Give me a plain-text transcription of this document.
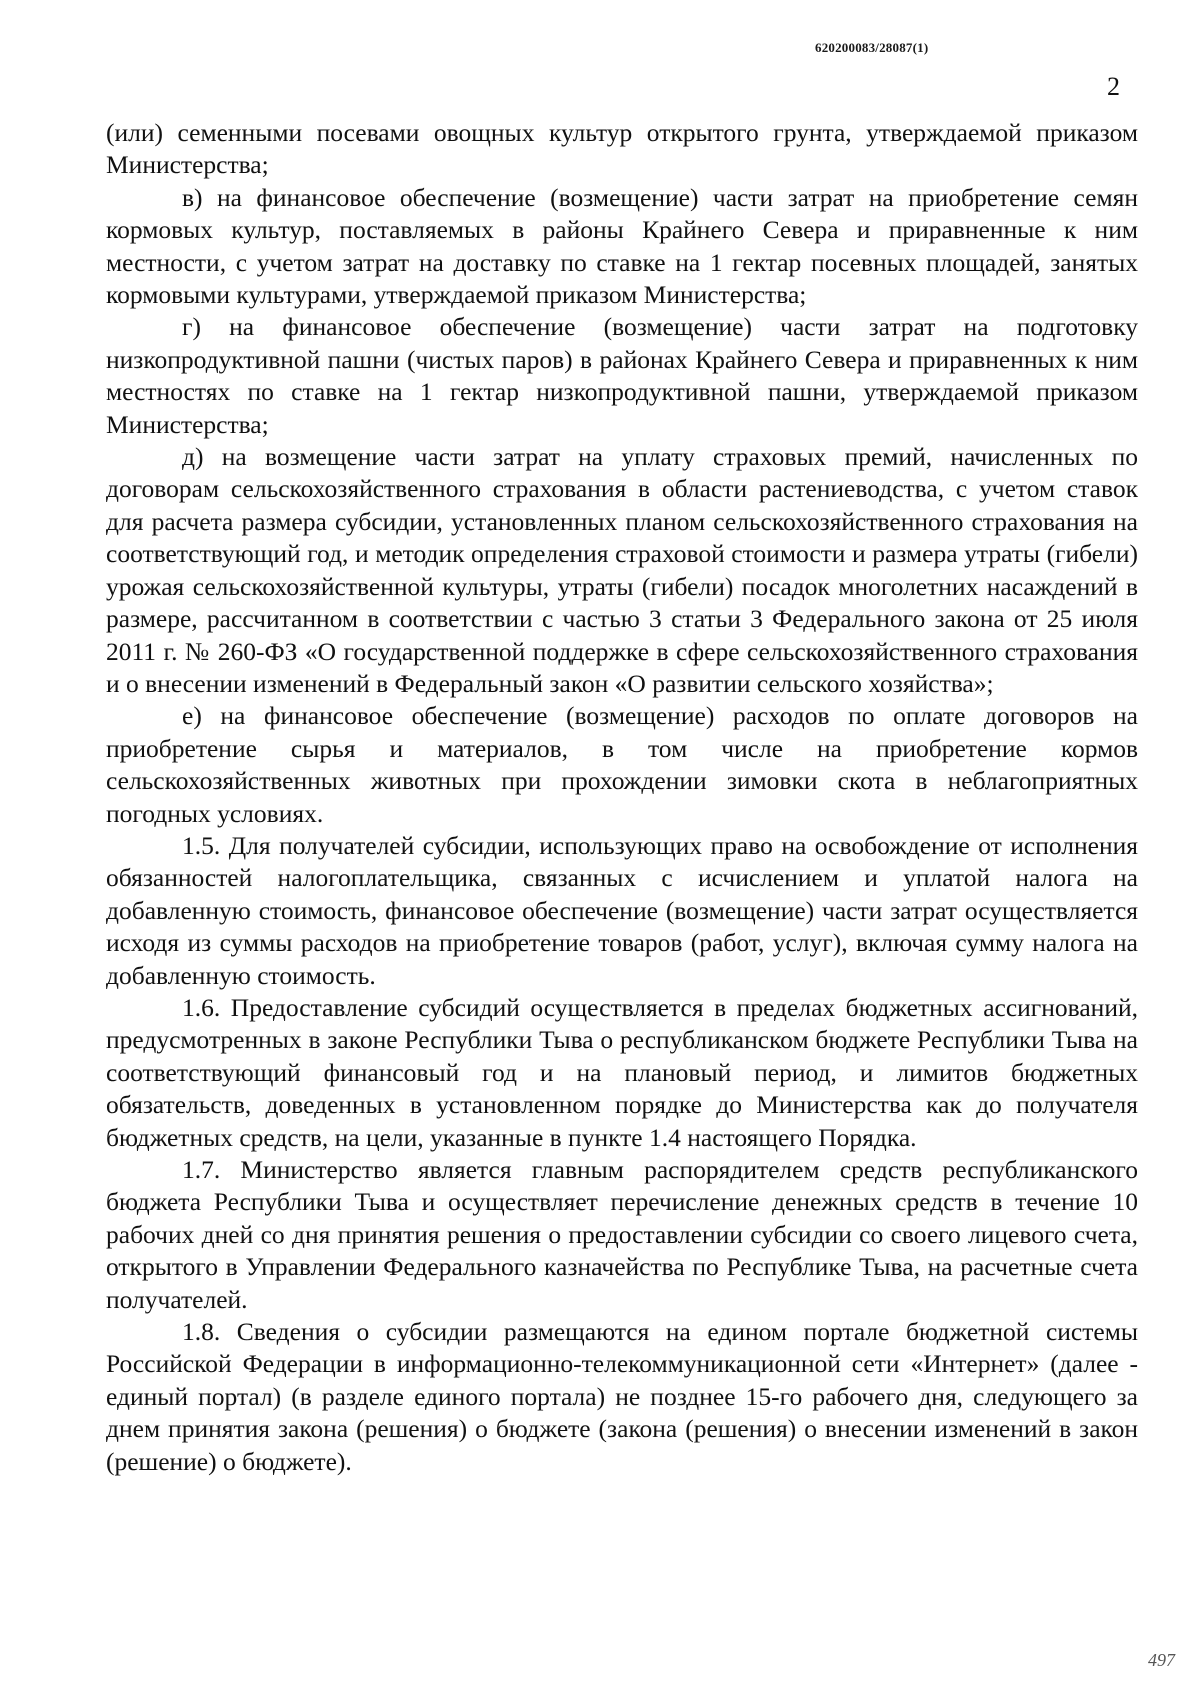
620200083/28087(1)
2

(или) семенными посевами овощных культур открытого грунта, утверждаемой приказом Министерства;

в) на финансовое обеспечение (возмещение) части затрат на приобретение семян кормовых культур, поставляемых в районы Крайнего Севера и приравненные к ним местности, с учетом затрат на доставку по ставке на 1 гектар посевных площадей, занятых кормовыми культурами, утверждаемой приказом Министерства;

г) на финансовое обеспечение (возмещение) части затрат на подготовку низкопродуктивной пашни (чистых паров) в районах Крайнего Севера и приравненных к ним местностях по ставке на 1 гектар низкопродуктивной пашни, утверждаемой приказом Министерства;

д) на возмещение части затрат на уплату страховых премий, начисленных по договорам сельскохозяйственного страхования в области растениеводства, с учетом ставок для расчета размера субсидии, установленных планом сельскохозяйственного страхования на соответствующий год, и методик определения страховой стоимости и размера утраты (гибели) урожая сельскохозяйственной культуры, утраты (гибели) посадок многолетних насаждений в размере, рассчитанном в соответствии с частью 3 статьи 3 Федерального закона от 25 июля 2011 г. № 260-ФЗ «О государственной поддержке в сфере сельскохозяйственного страхования и о внесении изменений в Федеральный закон «О развитии сельского хозяйства»;

е) на финансовое обеспечение (возмещение) расходов по оплате договоров на приобретение сырья и материалов, в том числе на приобретение кормов сельскохозяйственных животных при прохождении зимовки скота в неблагоприятных погодных условиях.

1.5. Для получателей субсидии, использующих право на освобождение от исполнения обязанностей налогоплательщика, связанных с исчислением и уплатой налога на добавленную стоимость, финансовое обеспечение (возмещение) части затрат осуществляется исходя из суммы расходов на приобретение товаров (работ, услуг), включая сумму налога на добавленную стоимость.

1.6. Предоставление субсидий осуществляется в пределах бюджетных ассигнований, предусмотренных в законе Республики Тыва о республиканском бюджете Республики Тыва на соответствующий финансовый год и на плановый период, и лимитов бюджетных обязательств, доведенных в установленном порядке до Министерства как до получателя бюджетных средств, на цели, указанные в пункте 1.4 настоящего Порядка.

1.7. Министерство является главным распорядителем средств республиканского бюджета Республики Тыва и осуществляет перечисление денежных средств в течение 10 рабочих дней со дня принятия решения о предоставлении субсидии со своего лицевого счета, открытого в Управлении Федерального казначейства по Республике Тыва, на расчетные счета получателей.

1.8. Сведения о субсидии размещаются на едином портале бюджетной системы Российской Федерации в информационно-телекоммуникационной сети «Интернет» (далее - единый портал) (в разделе единого портала) не позднее 15-го рабочего дня, следующего за днем принятия закона (решения) о бюджете (закона (решения) о внесении изменений в закон (решение) о бюджете).

497
